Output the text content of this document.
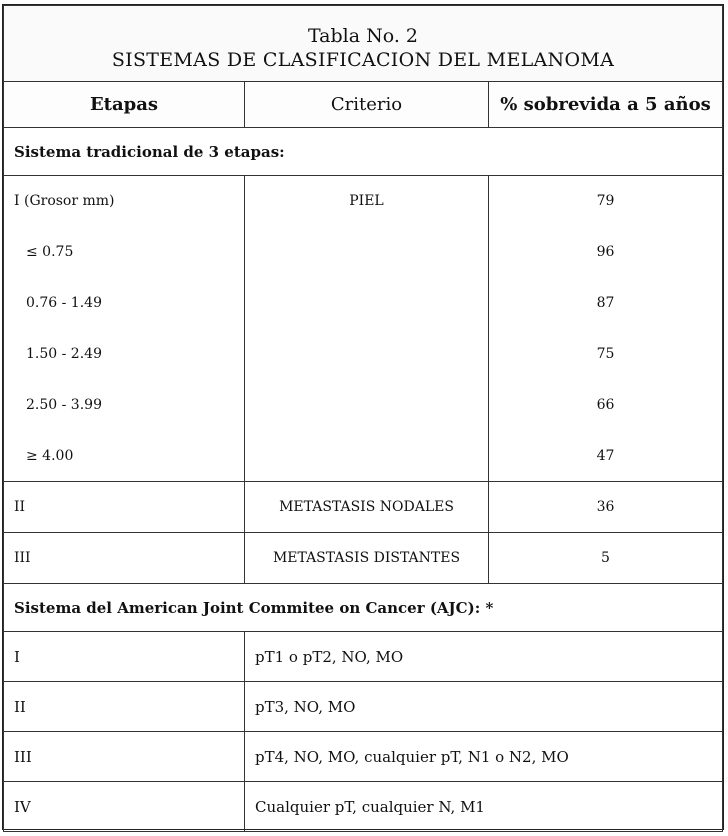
Tabla No. 2
SISTEMAS DE CLASIFICACION DEL MELANOMA		

Etapas	Criterio	% sobrevida a 5 años
Sistema tradicional de 3 etapas:		
I (Grosor mm)	PIEL	79
≤ 0.75		96
0.76 - 1.49		87
1.50 - 2.49		75
2.50 - 3.99		66
≥ 4.00		47
II	METASTASIS NODALES	36
III	METASTASIS DISTANTES	5
Sistema del American Joint Commitee on Cancer (AJC): *		
I	pT1 o pT2, NO, MO	
II	pT3, NO, MO	
III	pT4, NO, MO, cualquier pT, N1 o N2, MO	
IV	Cualquier pT, cualquier N, M1	
